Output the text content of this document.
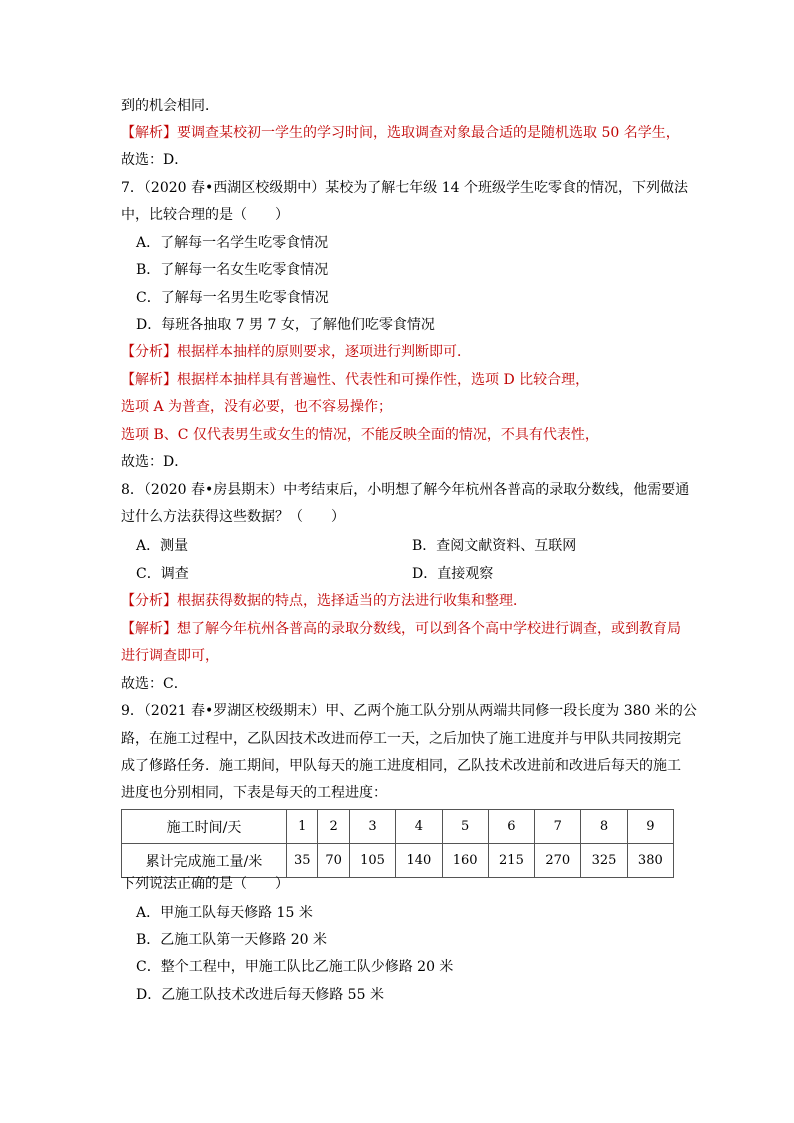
到的机会相同．
【解析】要调查某校初一学生的学习时间，选取调查对象最合适的是随机选取 50 名学生，
故选：D．
7．（2020 春•西湖区校级期中）某校为了解七年级 14 个班级学生吃零食的情况，下列做法
中，比较合理的是（　　）
A．了解每一名学生吃零食情况
B．了解每一名女生吃零食情况
C．了解每一名男生吃零食情况
D．每班各抽取 7 男 7 女，了解他们吃零食情况
【分析】根据样本抽样的原则要求，逐项进行判断即可．
【解析】根据样本抽样具有普遍性、代表性和可操作性，选项 D 比较合理，
选项 A 为普查，没有必要，也不容易操作；
选项 B、C 仅代表男生或女生的情况，不能反映全面的情况，不具有代表性，
故选：D．
8．（2020 春•房县期末）中考结束后，小明想了解今年杭州各普高的录取分数线，他需要通
过什么方法获得这些数据？（　　）
A．测量	B．查阅文献资料、互联网
C．调查	D．直接观察
【分析】根据获得数据的特点，选择适当的方法进行收集和整理．
【解析】想了解今年杭州各普高的录取分数线，可以到各个高中学校进行调查，或到教育局
进行调查即可，
故选：C．
9．（2021 春•罗湖区校级期末）甲、乙两个施工队分别从两端共同修一段长度为 380 米的公
路，在施工过程中，乙队因技术改进而停工一天，之后加快了施工进度并与甲队共同按期完
成了修路任务．施工期间，甲队每天的施工进度相同，乙队技术改进前和改进后每天的施工
进度也分别相同，下表是每天的工程进度：
施工时间/天	1	2	3	4	5	6	7	8	9
累计完成施工量/米	35	70	105	140	160	215	270	325	380
下列说法正确的是（　　）
A．甲施工队每天修路 15 米
B．乙施工队第一天修路 20 米
C．整个工程中，甲施工队比乙施工队少修路 20 米
D．乙施工队技术改进后每天修路 55 米
